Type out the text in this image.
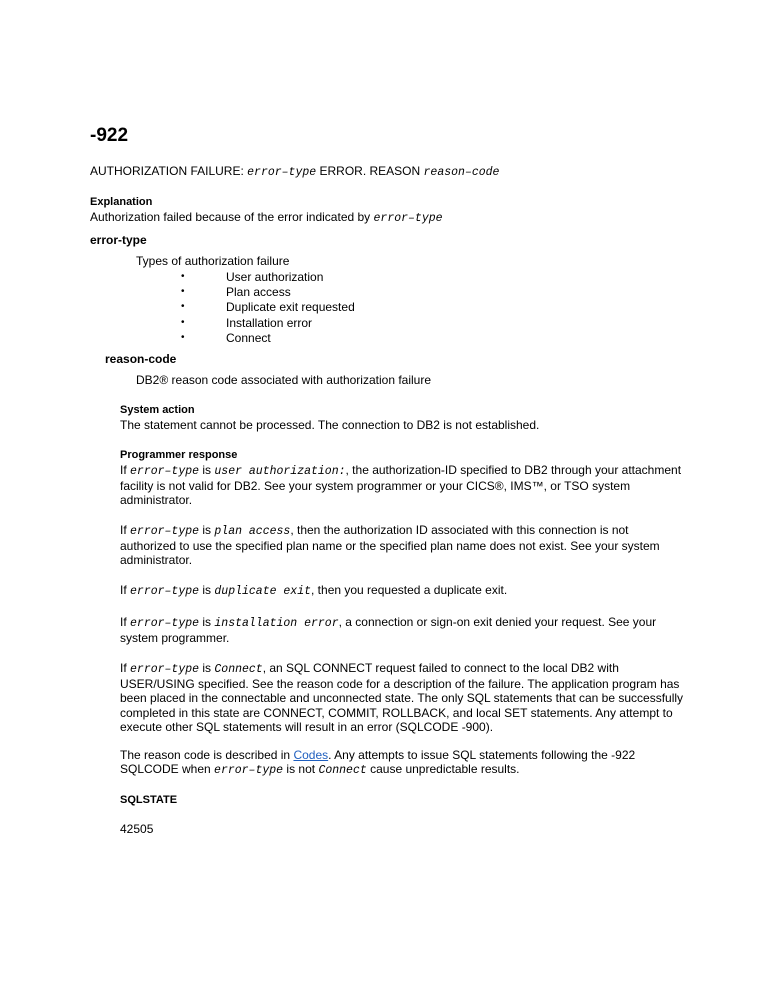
-922
AUTHORIZATION FAILURE: error–type ERROR. REASON reason–code
Explanation
Authorization failed because of the error indicated by error–type
error-type
Types of authorization failure
•	User authorization
•	Plan access
•	Duplicate exit requested
•	Installation error
•	Connect
reason-code
DB2® reason code associated with authorization failure
System action
The statement cannot be processed. The connection to DB2 is not established.
Programmer response
If error–type is user authorization:, the authorization-ID specified to DB2 through your attachment facility is not valid for DB2. See your system programmer or your CICS®, IMS™, or TSO system administrator.
If error–type is plan access, then the authorization ID associated with this connection is not authorized to use the specified plan name or the specified plan name does not exist. See your system administrator.
If error–type is duplicate exit, then you requested a duplicate exit.
If error–type is installation error, a connection or sign-on exit denied your request. See your system programmer.
If error–type is Connect, an SQL CONNECT request failed to connect to the local DB2 with USER/USING specified. See the reason code for a description of the failure. The application program has been placed in the connectable and unconnected state. The only SQL statements that can be successfully completed in this state are CONNECT, COMMIT, ROLLBACK, and local SET statements. Any attempt to execute other SQL statements will result in an error (SQLCODE -900).
The reason code is described in Codes. Any attempts to issue SQL statements following the -922 SQLCODE when error–type is not Connect cause unpredictable results.
SQLSTATE
42505
